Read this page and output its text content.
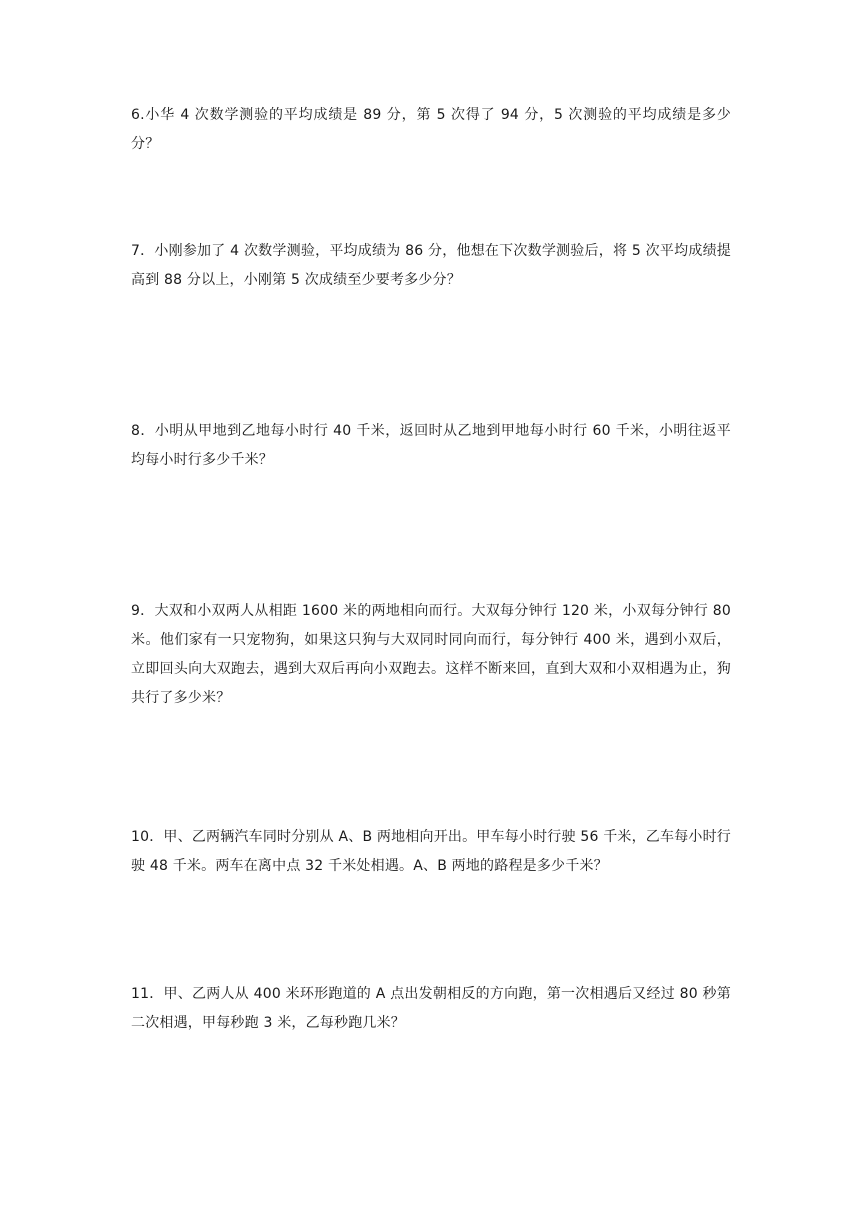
6.小华 4 次数学测验的平均成绩是 89 分，第 5 次得了 94 分，5 次测验的平均成绩是多少分？

7．小刚参加了 4 次数学测验，平均成绩为 86 分，他想在下次数学测验后，将 5 次平均成绩提高到 88 分以上，小刚第 5 次成绩至少要考多少分？

8．小明从甲地到乙地每小时行 40 千米，返回时从乙地到甲地每小时行 60 千米，小明往返平均每小时行多少千米？

9．大双和小双两人从相距 1600 米的两地相向而行。大双每分钟行 120 米，小双每分钟行 80 米。他们家有一只宠物狗，如果这只狗与大双同时同向而行，每分钟行 400 米，遇到小双后，立即回头向大双跑去，遇到大双后再向小双跑去。这样不断来回，直到大双和小双相遇为止，狗共行了多少米？

10．甲、乙两辆汽车同时分别从 A、B 两地相向开出。甲车每小时行驶 56 千米，乙车每小时行驶 48 千米。两车在离中点 32 千米处相遇。A、B 两地的路程是多少千米？

11．甲、乙两人从 400 米环形跑道的 A 点出发朝相反的方向跑，第一次相遇后又经过 80 秒第二次相遇，甲每秒跑 3 米，乙每秒跑几米？
